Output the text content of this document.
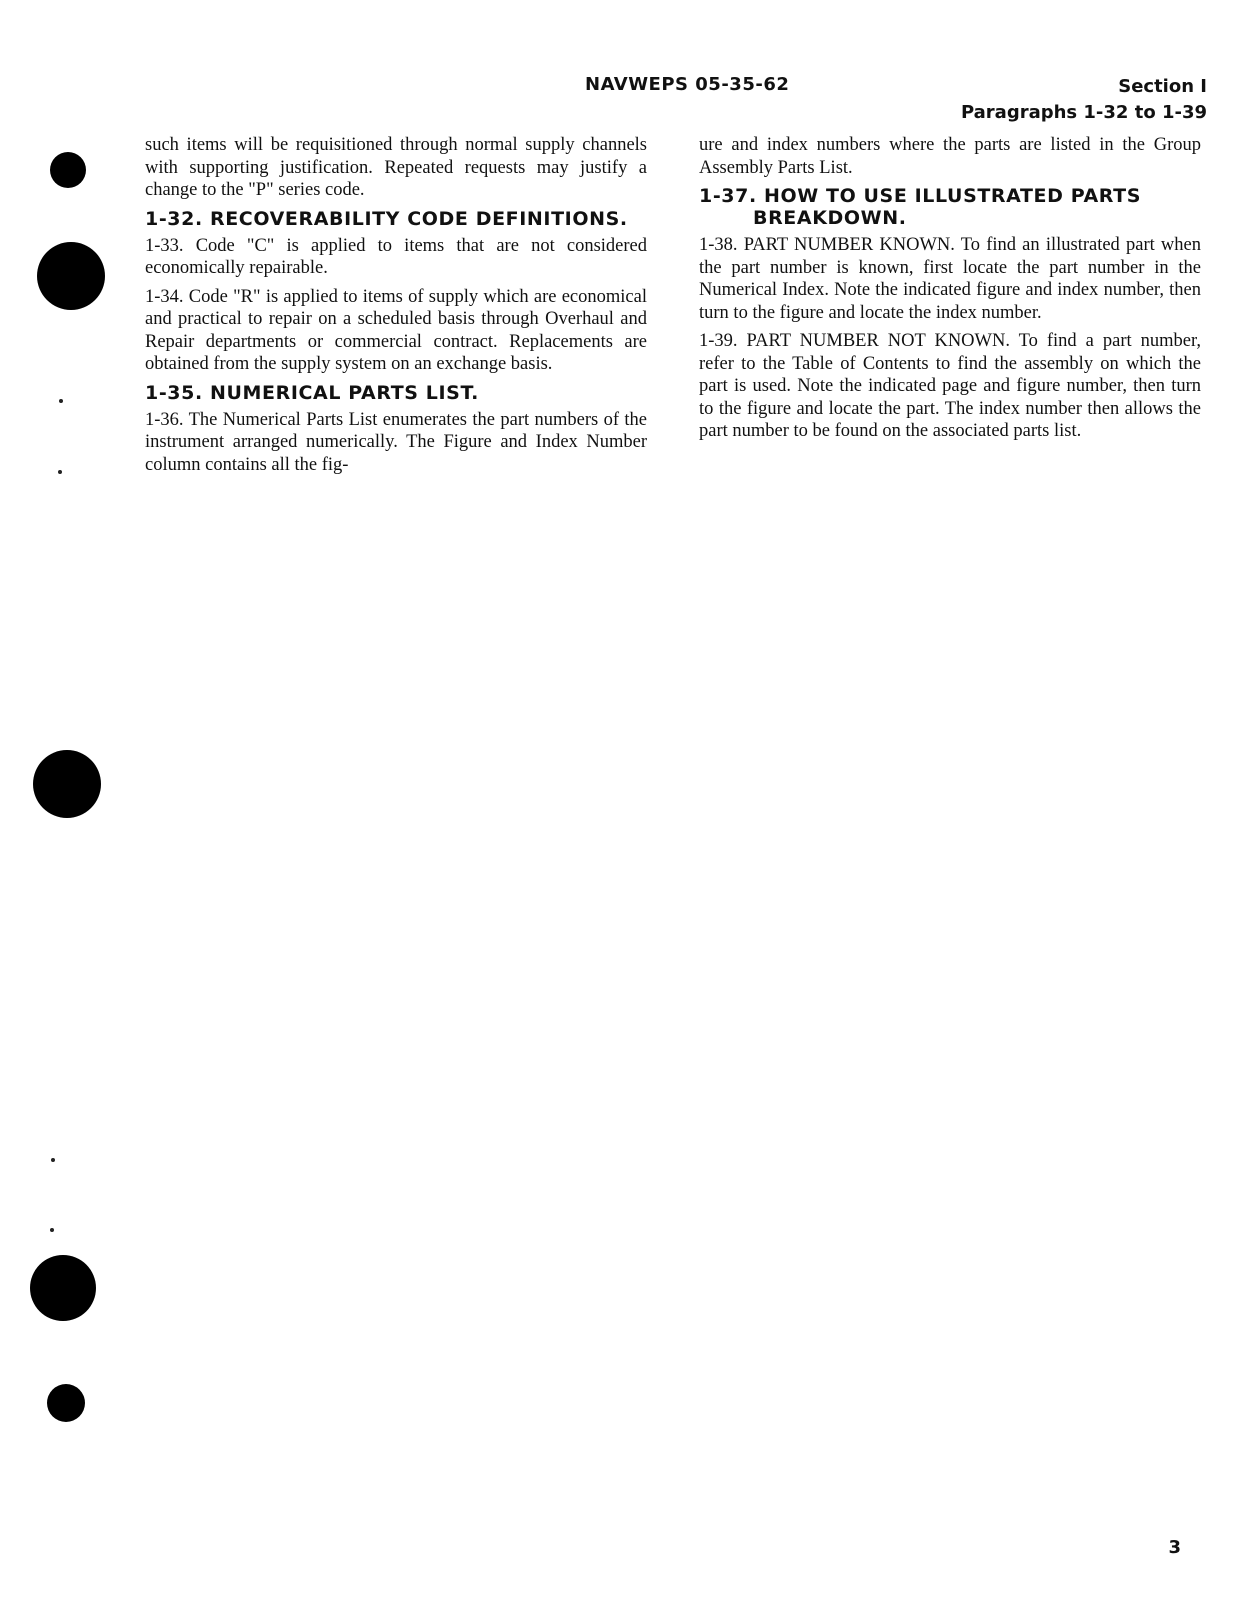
NAVWEPS 05-35-62	Section I
Paragraphs 1-32 to 1-39

such items will be requisitioned through normal supply channels with supporting justification. Repeated requests may justify a change to the "P" series code.

1-32. RECOVERABILITY CODE DEFINITIONS.

1-33. Code "C" is applied to items that are not considered economically repairable.

1-34. Code "R" is applied to items of supply which are economical and practical to repair on a scheduled basis through Overhaul and Repair departments or commercial contract. Replacements are obtained from the supply system on an exchange basis.

1-35. NUMERICAL PARTS LIST.

1-36. The Numerical Parts List enumerates the part numbers of the instrument arranged numerically. The Figure and Index Number column contains all the fig-

ure and index numbers where the parts are listed in the Group Assembly Parts List.

1-37. HOW TO USE ILLUSTRATED PARTS BREAKDOWN.

1-38. PART NUMBER KNOWN. To find an illustrated part when the part number is known, first locate the part number in the Numerical Index. Note the indicated figure and index number, then turn to the figure and locate the index number.

1-39. PART NUMBER NOT KNOWN. To find a part number, refer to the Table of Contents to find the assembly on which the part is used. Note the indicated page and figure number, then turn to the figure and locate the part. The index number then allows the part number to be found on the associated parts list.

3
